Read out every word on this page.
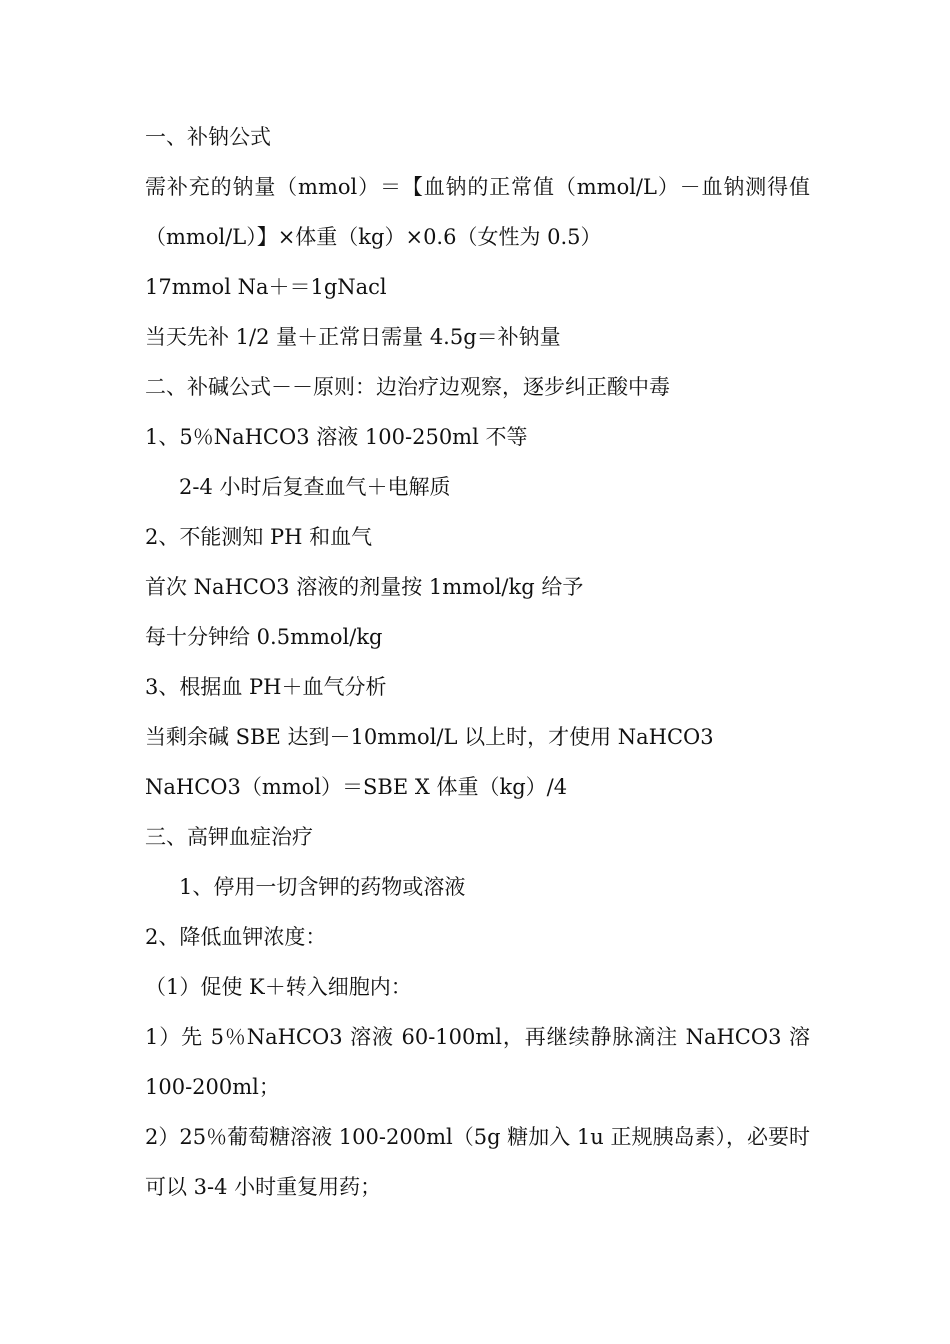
一、补钠公式
需补充的钠量（mmol）＝【血钠的正常值（mmol/L）－血钠测得值
（mmol/L）】×体重（kg）×0.6（女性为 0.5）
17mmol Na＋＝1gNacl
当天先补 1/2 量＋正常日需量 4.5g＝补钠量
二、补碱公式－－原则：边治疗边观察，逐步纠正酸中毒
1、5％NaHCO3 溶液 100-250ml 不等
2-4 小时后复查血气＋电解质
2、不能测知 PH 和血气
首次 NaHCO3 溶液的剂量按 1mmol/kg 给予
每十分钟给 0.5mmol/kg
3、根据血 PH＋血气分析
当剩余碱 SBE 达到－10mmol/L 以上时，才使用 NaHCO3
NaHCO3（mmol）＝SBE X 体重（kg）/4
三、高钾血症治疗
1、停用一切含钾的药物或溶液
2、降低血钾浓度：
（1）促使 K＋转入细胞内：
1）先 5％NaHCO3 溶液 60-100ml，再继续静脉滴注 NaHCO3 溶
100-200ml；
2）25％葡萄糖溶液 100-200ml（5g 糖加入 1u 正规胰岛素），必要时
可以 3-4 小时重复用药；
